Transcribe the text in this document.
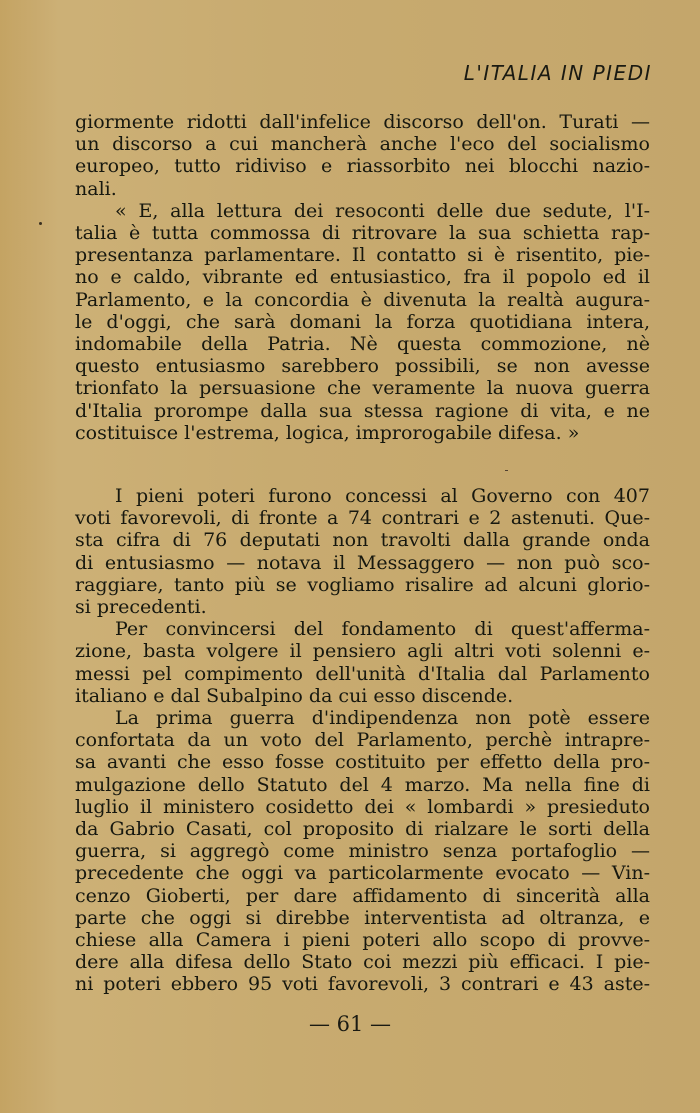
L'ITALIA IN PIEDI
giormente ridotti dall'infelice discorso dell'on. Turati —
un discorso a cui mancherà anche l'eco del socialismo
europeo, tutto ridiviso e riassorbito nei blocchi nazio-
nali.
« E, alla lettura dei resoconti delle due sedute, l'I-
talia è tutta commossa di ritrovare la sua schietta rap-
presentanza parlamentare. Il contatto si è risentito, pie-
no e caldo, vibrante ed entusiastico, fra il popolo ed il
Parlamento, e la concordia è divenuta la realtà augura-
le d'oggi, che sarà domani la forza quotidiana intera,
indomabile della Patria. Nè questa commozione, nè
questo entusiasmo sarebbero possibili, se non avesse
trionfato la persuasione che veramente la nuova guerra
d'Italia prorompe dalla sua stessa ragione di vita, e ne
costituisce l'estrema, logica, improrogabile difesa. »
I pieni poteri furono concessi al Governo con 407
voti favorevoli, di fronte a 74 contrari e 2 astenuti. Que-
sta cifra di 76 deputati non travolti dalla grande onda
di entusiasmo — notava il Messaggero — non può sco-
raggiare, tanto più se vogliamo risalire ad alcuni glorio-
si precedenti.
Per convincersi del fondamento di quest'afferma-
zione, basta volgere il pensiero agli altri voti solenni e-
messi pel compimento dell'unità d'Italia dal Parlamento
italiano e dal Subalpino da cui esso discende.
La prima guerra d'indipendenza non potè essere
confortata da un voto del Parlamento, perchè intrapre-
sa avanti che esso fosse costituito per effetto della pro-
mulgazione dello Statuto del 4 marzo. Ma nella fine di
luglio il ministero cosidetto dei « lombardi » presieduto
da Gabrio Casati, col proposito di rialzare le sorti della
guerra, si aggregò come ministro senza portafoglio —
precedente che oggi va particolarmente evocato — Vin-
cenzo Gioberti, per dare affidamento di sincerità alla
parte che oggi si direbbe interventista ad oltranza, e
chiese alla Camera i pieni poteri allo scopo di provve-
dere alla difesa dello Stato coi mezzi più efficaci. I pie-
ni poteri ebbero 95 voti favorevoli, 3 contrari e 43 aste-
— 61 —
